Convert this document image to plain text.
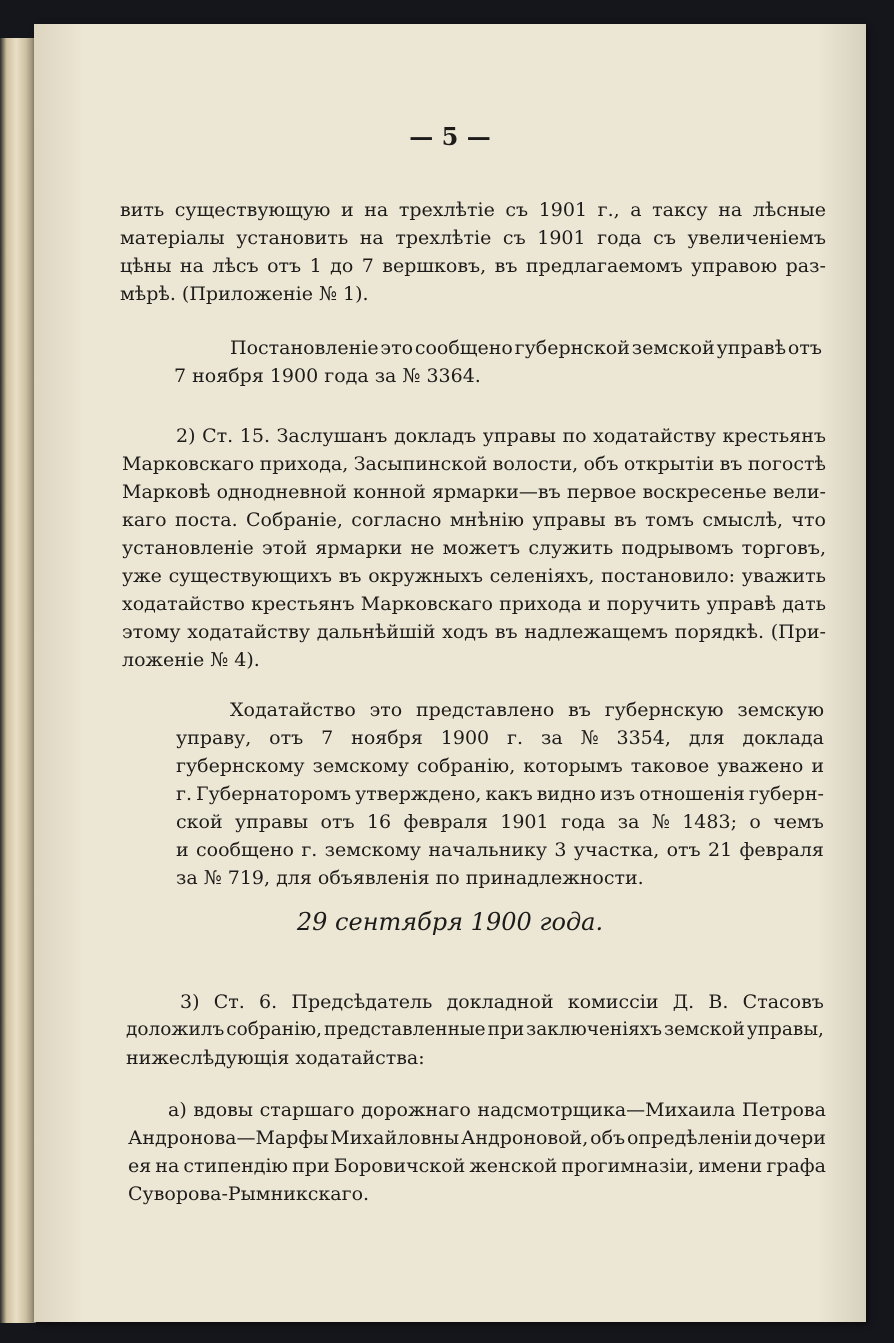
— 5 —
вить существующую и на трехлѣтіе съ 1901 г., а таксу на лѣсные
матеріалы установить на трехлѣтіе съ 1901 года съ увеличеніемъ
цѣны на лѣсъ отъ 1 до 7 вершковъ, въ предлагаемомъ управою раз-
мѣрѣ. (Приложеніе № 1).
Постановленіе это сообщено губернской земской управѣ отъ
7 ноября 1900 года за № 3364.
2) Ст. 15. Заслушанъ докладъ управы по ходатайству крестьянъ
Марковскаго прихода, Засыпинской волости, объ открытіи въ погостѣ
Марковѣ однодневной конной ярмарки—въ первое воскресенье вели-
каго поста. Собраніе, согласно мнѣнію управы въ томъ смыслѣ, что
установленіе этой ярмарки не можетъ служить подрывомъ торговъ,
уже существующихъ въ окружныхъ селеніяхъ, постановило: уважить
ходатайство крестьянъ Марковскаго прихода и поручить управѣ дать
этому ходатайству дальнѣйшій ходъ въ надлежащемъ порядкѣ. (При-
ложеніе № 4).
Ходатайство это представлено въ губернскую земскую
управу, отъ 7 ноября 1900 г. за № 3354, для доклада
губернскому земскому собранію, которымъ таковое уважено и
г. Губернаторомъ утверждено, какъ видно изъ отношенія губерн-
ской управы отъ 16 февраля 1901 года за № 1483; о чемъ
и сообщено г. земскому начальнику 3 участка, отъ 21 февраля
за № 719, для объявленія по принадлежности.
29 сентября 1900 года.
3) Ст. 6. Предсѣдатель докладной комиссіи Д. В. Стасовъ
доложилъ собранію, представленные при заключеніяхъ земской управы,
нижеслѣдующія ходатайства:
а) вдовы старшаго дорожнаго надсмотрщика—Михаила Петрова
Андронова—Марфы Михайловны Андроновой, объ опредѣленіи дочери
ея на стипендію при Боровичской женской прогимназіи, имени графа
Суворова-Рымникскаго.
